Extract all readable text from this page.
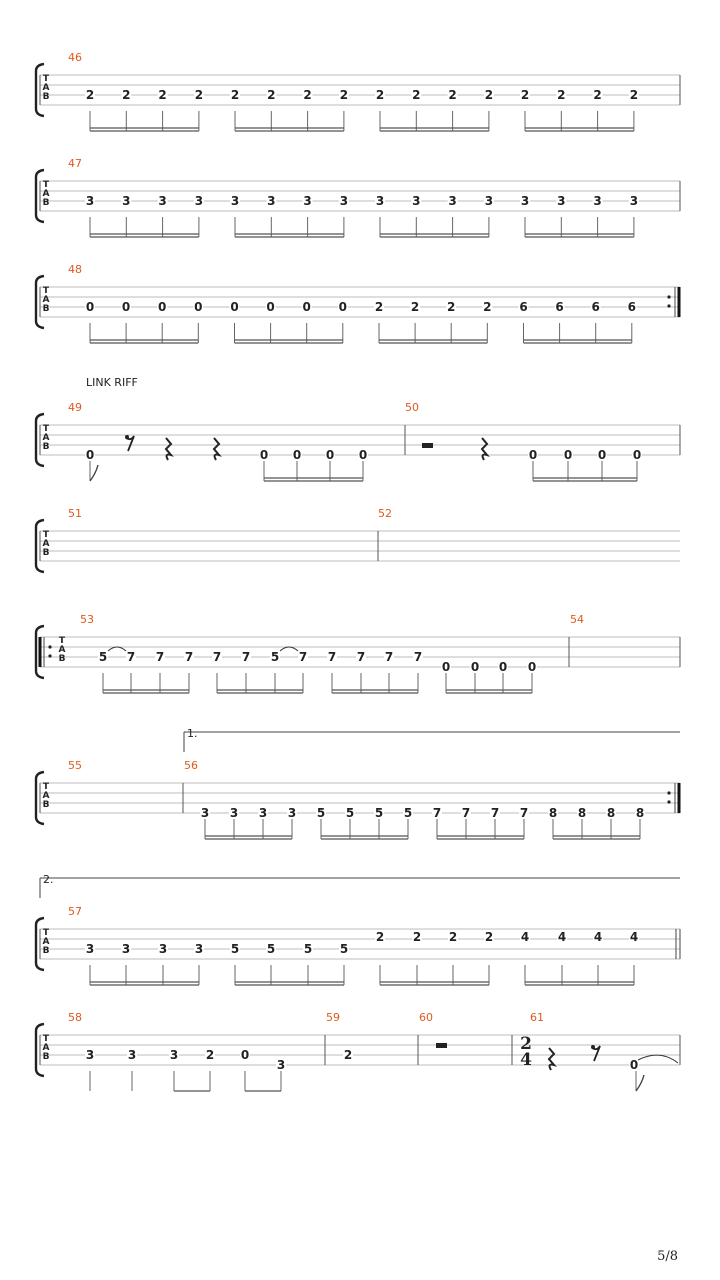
T
A
B
46
2 2 2 2 2 2 2 2 2 2 2 2 2 2 2 2
T
A
B
47
3 3 3 3 3 3 3 3 3 3 3 3 3 3 3 3
T
A
B
48
0 0 0 0 0 0 0 0 2 2 2 2 6 6 6 6
LINK RIFF
T
A
B
49	50
0	0 0 0 0	0 0 0 0
T
A
B
51	52
T
A
B
53	54
5 7 7 7 7 7 5 7 7 7 7 7
0 0 0 0
1.
T
A
B
55	56
3 3 3 3 5 5 5 5 7 7 7 7 8 8 8 8
2.
T
A
B
57
3 3 3 3 5 5 5 5
2 2 2 2 4 4 4 4
T
A
B
58	59	60	61
3	3	3 2 0
3
2
2
4	0
5/8
